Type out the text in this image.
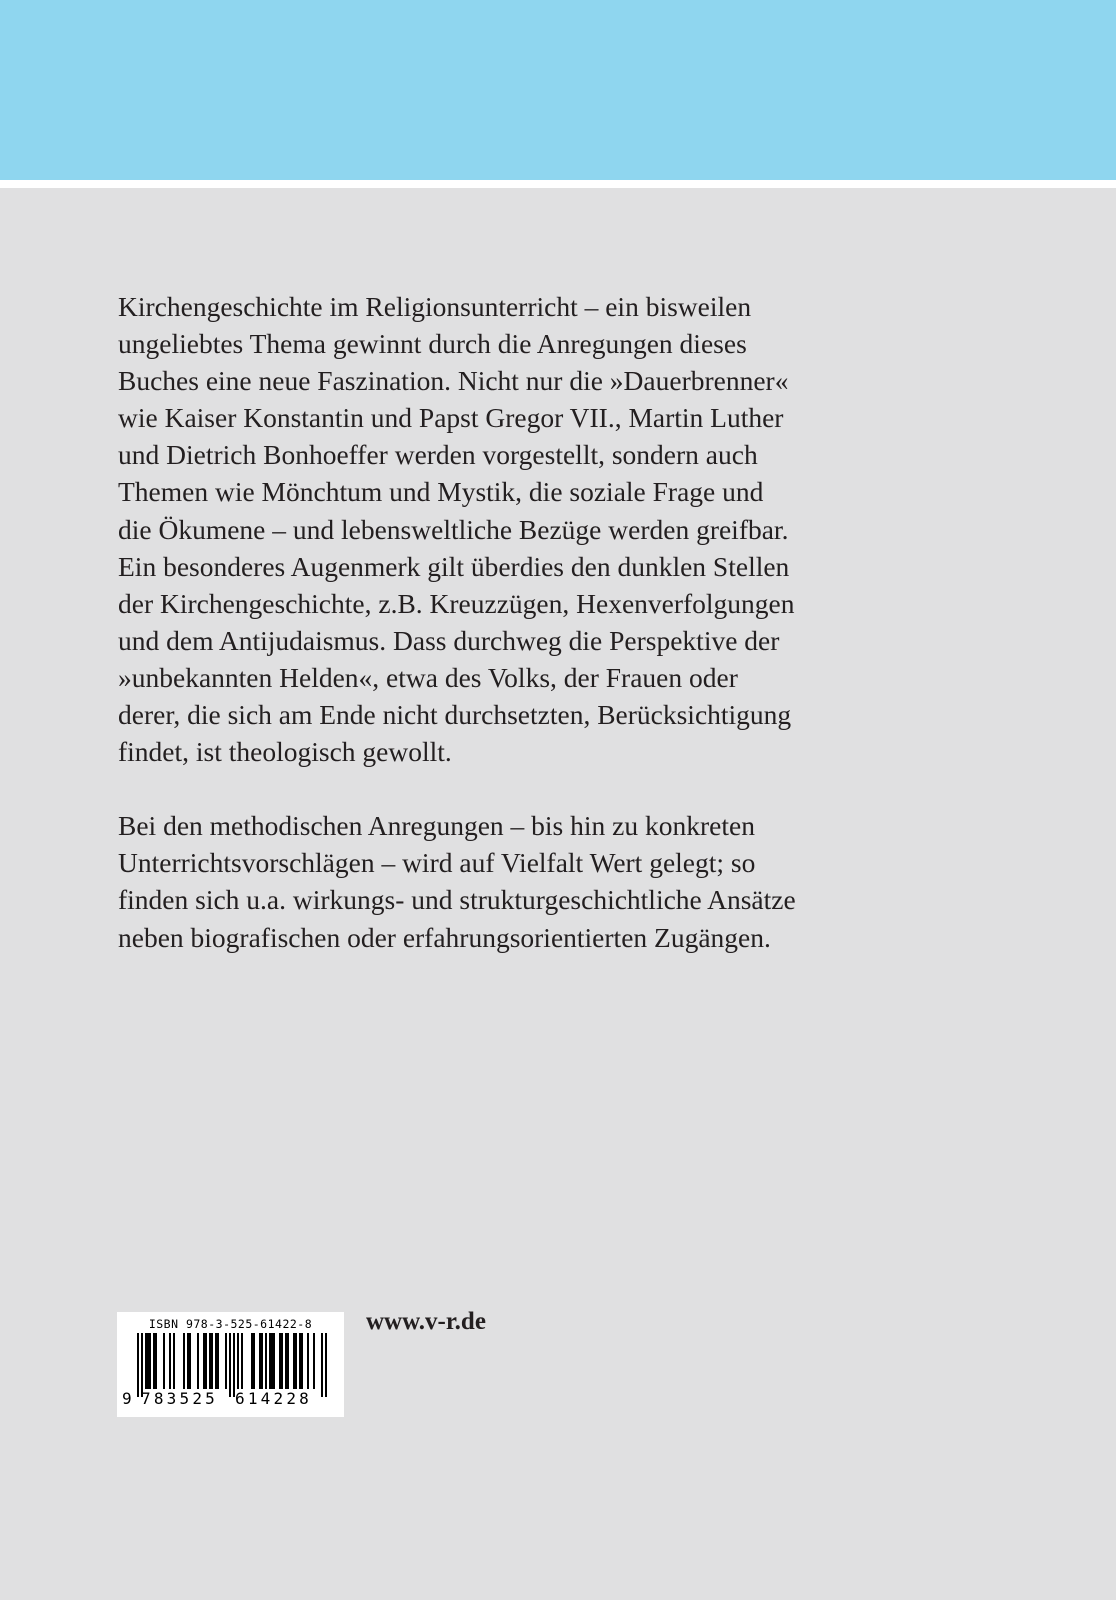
Kirchengeschichte im Religionsunterricht – ein bisweilen
ungeliebtes Thema gewinnt durch die Anregungen dieses
Buches eine neue Faszination. Nicht nur die »Dauerbrenner«
wie Kaiser Konstantin und Papst Gregor VII., Martin Luther
und Dietrich Bonhoeffer werden vorgestellt, sondern auch
Themen wie Mönchtum und Mystik, die soziale Frage und
die Ökumene – und lebensweltliche Bezüge werden greifbar.
Ein besonderes Augenmerk gilt überdies den dunklen Stellen
der Kirchengeschichte, z.B. Kreuzzügen, Hexenverfolgungen
und dem Antijudaismus. Dass durchweg die Perspektive der
»unbekannten Helden«, etwa des Volks, der Frauen oder
derer, die sich am Ende nicht durchsetzten, Berücksichtigung
findet, ist theologisch gewollt.
Bei den methodischen Anregungen – bis hin zu konkreten
Unterrichtsvorschlägen – wird auf Vielfalt Wert gelegt; so
finden sich u.a. wirkungs- und strukturgeschichtliche Ansätze
neben biografischen oder erfahrungsorientierten Zugängen.
ISBN 978-3-525-61422-8
9 783525 614228
www.v-r.de
